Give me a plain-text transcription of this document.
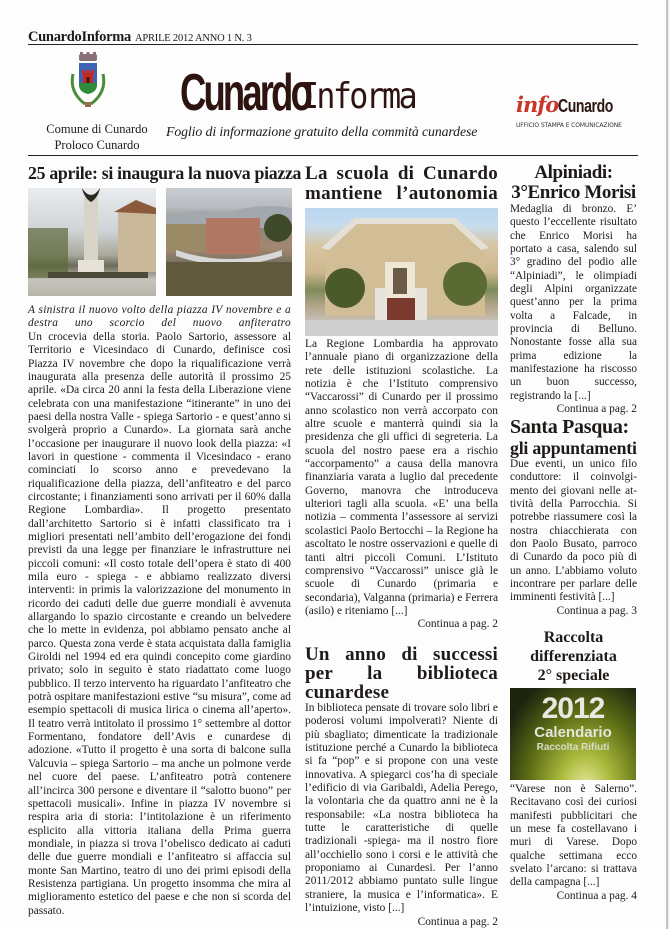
CunardoInforma APRILE 2012 ANNO 1 N. 3
Comune di Cunardo
Proloco Cunardo
CunardoInforma
Foglio di informazione gratuito della commità cunardese
infoCunardo
UFFICIO STAMPA E COMUNICAZIONE
25 aprile: si inaugura la nuova piazza
A sinistra il nuovo volto della piazza IV novembre e a destra uno scorcio del nuovo anfiteratro

Un crocevia della storia. Paolo Sartorio, assessore al Territorio e Vicesindaco di Cunardo, definisce così Piazza IV novembre che dopo la riqualificazione verrà inaugurata alla presenza delle autorità il prossimo 25 aprile. «Da circa 20 anni la festa della Liberazione viene celebrata con una manifestazione “itinerante” in uno dei paesi della nostra Valle - spiega Sartorio - e quest’anno si svolgerà proprio a Cunardo». La giornata sarà anche l’occasione per inaugurare il nuovo look della piazza: «I lavori in questione - commenta il Vicesindaco - erano cominciati lo scorso anno e prevedevano la riqualificazione della piazza, dell’anfiteatro e del parco circostante; i finanziamenti sono arrivati per il 60% dalla Regione Lombardia». Il progetto presentato dall’architetto Sartorio si è infatti classificato tra i migliori presentati nell’ambito dell’erogazione dei fondi previsti da una legge per finanziare le infrastrutture nei piccoli comuni: «Il costo totale dell’opera è stato di 400 mila euro - spiega - e abbiamo realizzato diversi interventi: in primis la valorizzazione del monumento in ricordo dei caduti delle due guerre mondiali è avvenuta allargando lo spazio circostante e creando un belvedere che lo mette in evidenza, poi abbiamo pensato anche al parco. Questa zona verde è stata acquistata dalla famiglia Giroldi nel 1994 ed era quindi concepito come giardino privato; solo in seguito è stato riadattato come luogo pubblico. Il terzo intervento ha riguardato l’anfiteatro che potrà ospitare manifestazioni estive “su misura”, come ad esempio spettacoli di musica lirica o cinema all’aperto». Il teatro verrà intitolato il prossimo 1° settembre al dottor Formentano, fondatore dell’Avis e cunardese di adozione. «Tutto il progetto è una sorta di balcone sulla Valcuvia – spiega Sartorio – ma anche un polmone verde nel cuore del paese. L’anfiteatro potrà contenere all’incirca 300 persone e diventare il “salotto buono” per spettacoli musicali». Infine in piazza IV novembre si respira aria di storia: l’intitolazione è un riferimento esplicito alla vittoria italiana della Prima guerra mondiale, in piazza si trova l’obelisco dedicato ai caduti delle due guerre mondiali e l’anfiteatro si affaccia sul monte San Martino, teatro di uno dei primi episodi della Resistenza partigiana. Un progetto insomma che mira al miglioramento estetico del paese e che non si scorda del passato.

La scuola di Cunardo mantiene l’autonomia

La Regione Lombardia ha approvato l’annuale piano di organizzazione della rete delle istituzioni scolastiche. La notizia è che l’Istituto comprensivo “Vaccarossi” di Cunardo per il prossimo anno scolastico non verrà accorpato con altre scuole e manterrà quindi sia la presidenza che gli uffici di segreteria. La scuola del nostro paese era a rischio “accorpamento” a causa della manovra finanziaria varata a luglio dal precedente Governo, manovra che introduceva ulteriori tagli alla scuola. «E’ una bella notizia – commenta l’assessore ai servizi scolastici Paolo Bertocchi – la Regione ha ascoltato le nostre osservazioni e quelle di tanti altri piccoli Comuni. L’Istituto comprensivo “Vaccarossi” unisce già le scuole di Cunardo (primaria e secondaria), Valganna (primaria) e Ferrera (asilo) e riteniamo [...]

Continua a pag. 2
Un anno di successi per la biblioteca cunardese

In biblioteca pensate di trovare solo libri e poderosi volumi impolverati? Niente di più sbagliato; dimenticate la tradizionale istituzione perché a Cunardo la biblioteca si fa “pop” e si propone con una veste innovativa. A spiegarci cos’ha di speciale l’edificio di via Garibaldi, Adelia Perego, la volontaria che da quattro anni ne è la responsabile: «La nostra biblioteca ha tutte le caratteristiche di quelle tradizionali -spiega- ma il nostro fiore all’occhiello sono i corsi e le attività che proponiamo ai Cunardesi. Per l’anno 2011/2012 abbiamo puntato sulle lingue straniere, la musica e l’informatica». E l’intuizione, visto [...]

Continua a pag. 2
Alpiniadi:
3°Enrico Morisi

Medaglia di bronzo. E’ questo l’eccellente risultato che Enrico Morisi ha portato a casa, salendo sul 3° gradino del podio alle “Alpiniadi”, le olimpiadi degli Alpini organizzate quest’anno per la prima volta a Falcade, in provincia di Belluno. Nonostante fosse alla sua prima edizione la manifestazione ha riscosso un buon successo, registrando la [...]

Continua a pag. 2
Santa Pasqua:
gli appuntamenti

Due eventi, un unico filo conduttore: il coinvolgi-mento dei giovani nelle at-tività della Parrocchia. Si potrebbe riassumere così la nostra chiacchierata con don Paolo Busato, parroco di Cunardo da poco più di un anno. L’abbiamo voluto incontrare per parlare delle imminenti festività [...]

Continua a pag. 3
Raccolta
differenziata
2° speciale
2012
Calendario
Raccolta Rifiuti

“Varese non è Salerno”. Recitavano così dei curiosi manifesti pubblicitari che un mese fa costellavano i muri di Varese. Dopo qualche settimana ecco svelato l’arcano: si trattava della campagna [...]

Continua a pag. 4
